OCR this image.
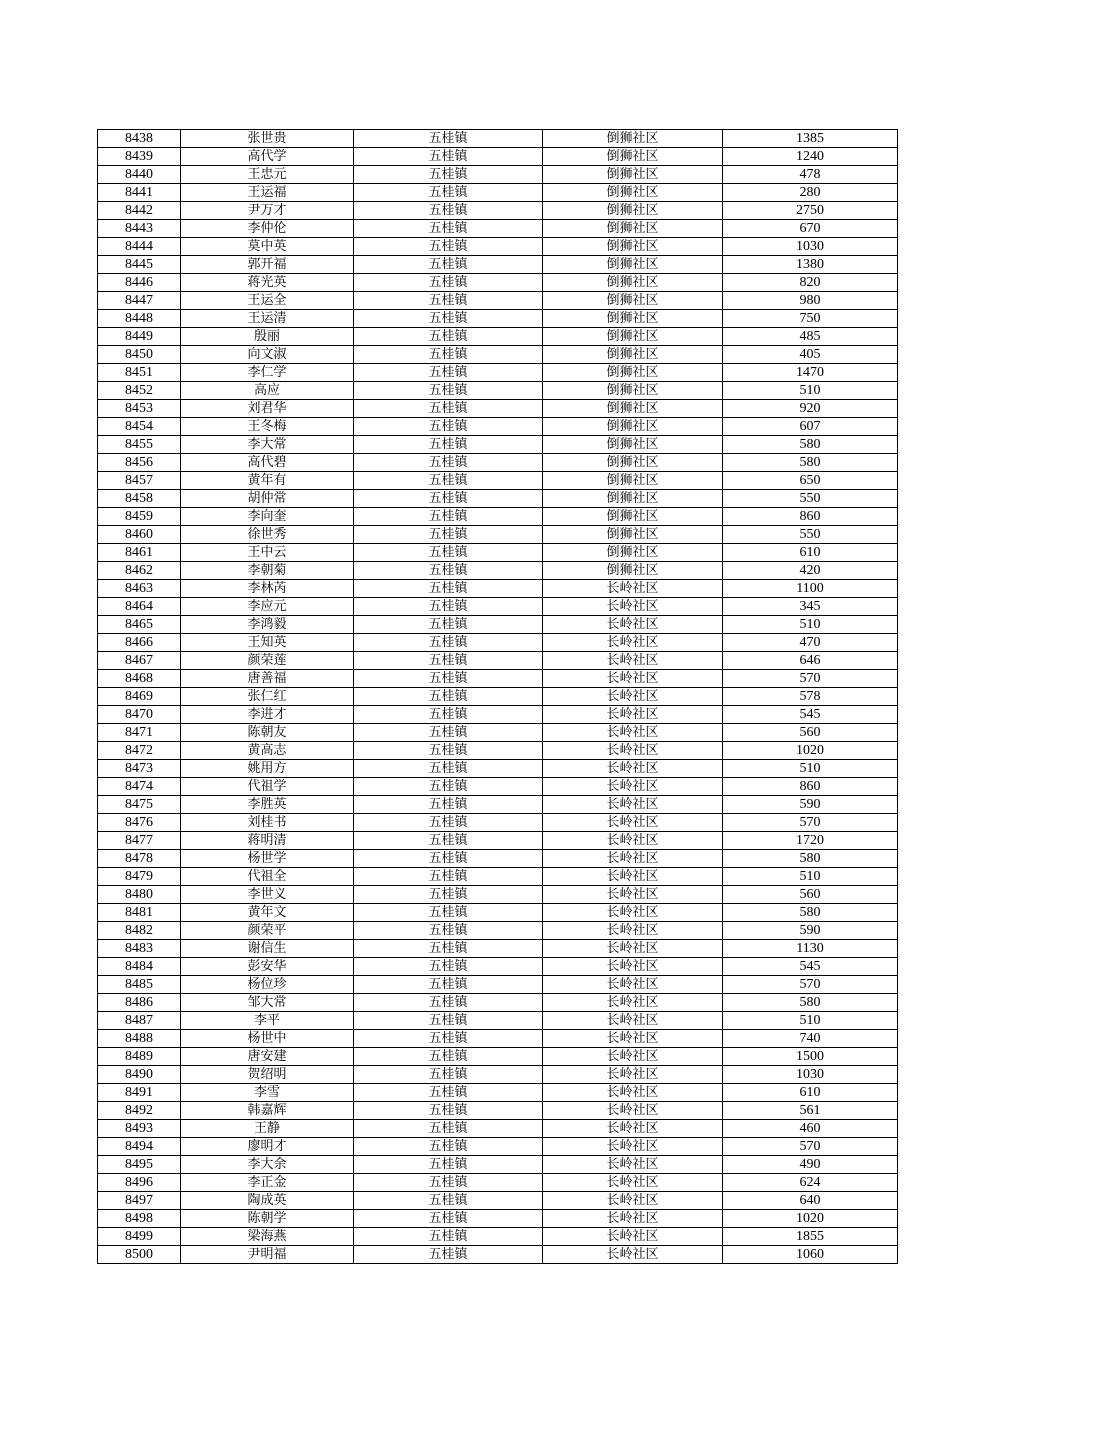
8438	张世贵	五桂镇	倒狮社区	1385
8439	高代学	五桂镇	倒狮社区	1240
8440	王忠元	五桂镇	倒狮社区	478
8441	王运福	五桂镇	倒狮社区	280
8442	尹万才	五桂镇	倒狮社区	2750
8443	李仲伦	五桂镇	倒狮社区	670
8444	莫中英	五桂镇	倒狮社区	1030
8445	郭开福	五桂镇	倒狮社区	1380
8446	蒋光英	五桂镇	倒狮社区	820
8447	王运全	五桂镇	倒狮社区	980
8448	王运清	五桂镇	倒狮社区	750
8449	殷丽	五桂镇	倒狮社区	485
8450	向文淑	五桂镇	倒狮社区	405
8451	李仁学	五桂镇	倒狮社区	1470
8452	高应	五桂镇	倒狮社区	510
8453	刘君华	五桂镇	倒狮社区	920
8454	王冬梅	五桂镇	倒狮社区	607
8455	李大常	五桂镇	倒狮社区	580
8456	高代碧	五桂镇	倒狮社区	580
8457	黄年有	五桂镇	倒狮社区	650
8458	胡仲常	五桂镇	倒狮社区	550
8459	李向奎	五桂镇	倒狮社区	860
8460	徐世秀	五桂镇	倒狮社区	550
8461	王中云	五桂镇	倒狮社区	610
8462	李朝菊	五桂镇	倒狮社区	420
8463	李林芮	五桂镇	长岭社区	1100
8464	李应元	五桂镇	长岭社区	345
8465	李鸿毅	五桂镇	长岭社区	510
8466	王知英	五桂镇	长岭社区	470
8467	颜荣莲	五桂镇	长岭社区	646
8468	唐善福	五桂镇	长岭社区	570
8469	张仁红	五桂镇	长岭社区	578
8470	李进才	五桂镇	长岭社区	545
8471	陈朝友	五桂镇	长岭社区	560
8472	黄高志	五桂镇	长岭社区	1020
8473	姚用方	五桂镇	长岭社区	510
8474	代祖学	五桂镇	长岭社区	860
8475	李胜英	五桂镇	长岭社区	590
8476	刘桂书	五桂镇	长岭社区	570
8477	蒋明清	五桂镇	长岭社区	1720
8478	杨世学	五桂镇	长岭社区	580
8479	代祖全	五桂镇	长岭社区	510
8480	李世义	五桂镇	长岭社区	560
8481	黄年文	五桂镇	长岭社区	580
8482	颜荣平	五桂镇	长岭社区	590
8483	谢信生	五桂镇	长岭社区	1130
8484	彭安华	五桂镇	长岭社区	545
8485	杨位珍	五桂镇	长岭社区	570
8486	邹大常	五桂镇	长岭社区	580
8487	李平	五桂镇	长岭社区	510
8488	杨世中	五桂镇	长岭社区	740
8489	唐安建	五桂镇	长岭社区	1500
8490	贺绍明	五桂镇	长岭社区	1030
8491	李雪	五桂镇	长岭社区	610
8492	韩嘉辉	五桂镇	长岭社区	561
8493	王静	五桂镇	长岭社区	460
8494	廖明才	五桂镇	长岭社区	570
8495	李大余	五桂镇	长岭社区	490
8496	李正金	五桂镇	长岭社区	624
8497	陶成英	五桂镇	长岭社区	640
8498	陈朝学	五桂镇	长岭社区	1020
8499	梁海燕	五桂镇	长岭社区	1855
8500	尹明福	五桂镇	长岭社区	1060
